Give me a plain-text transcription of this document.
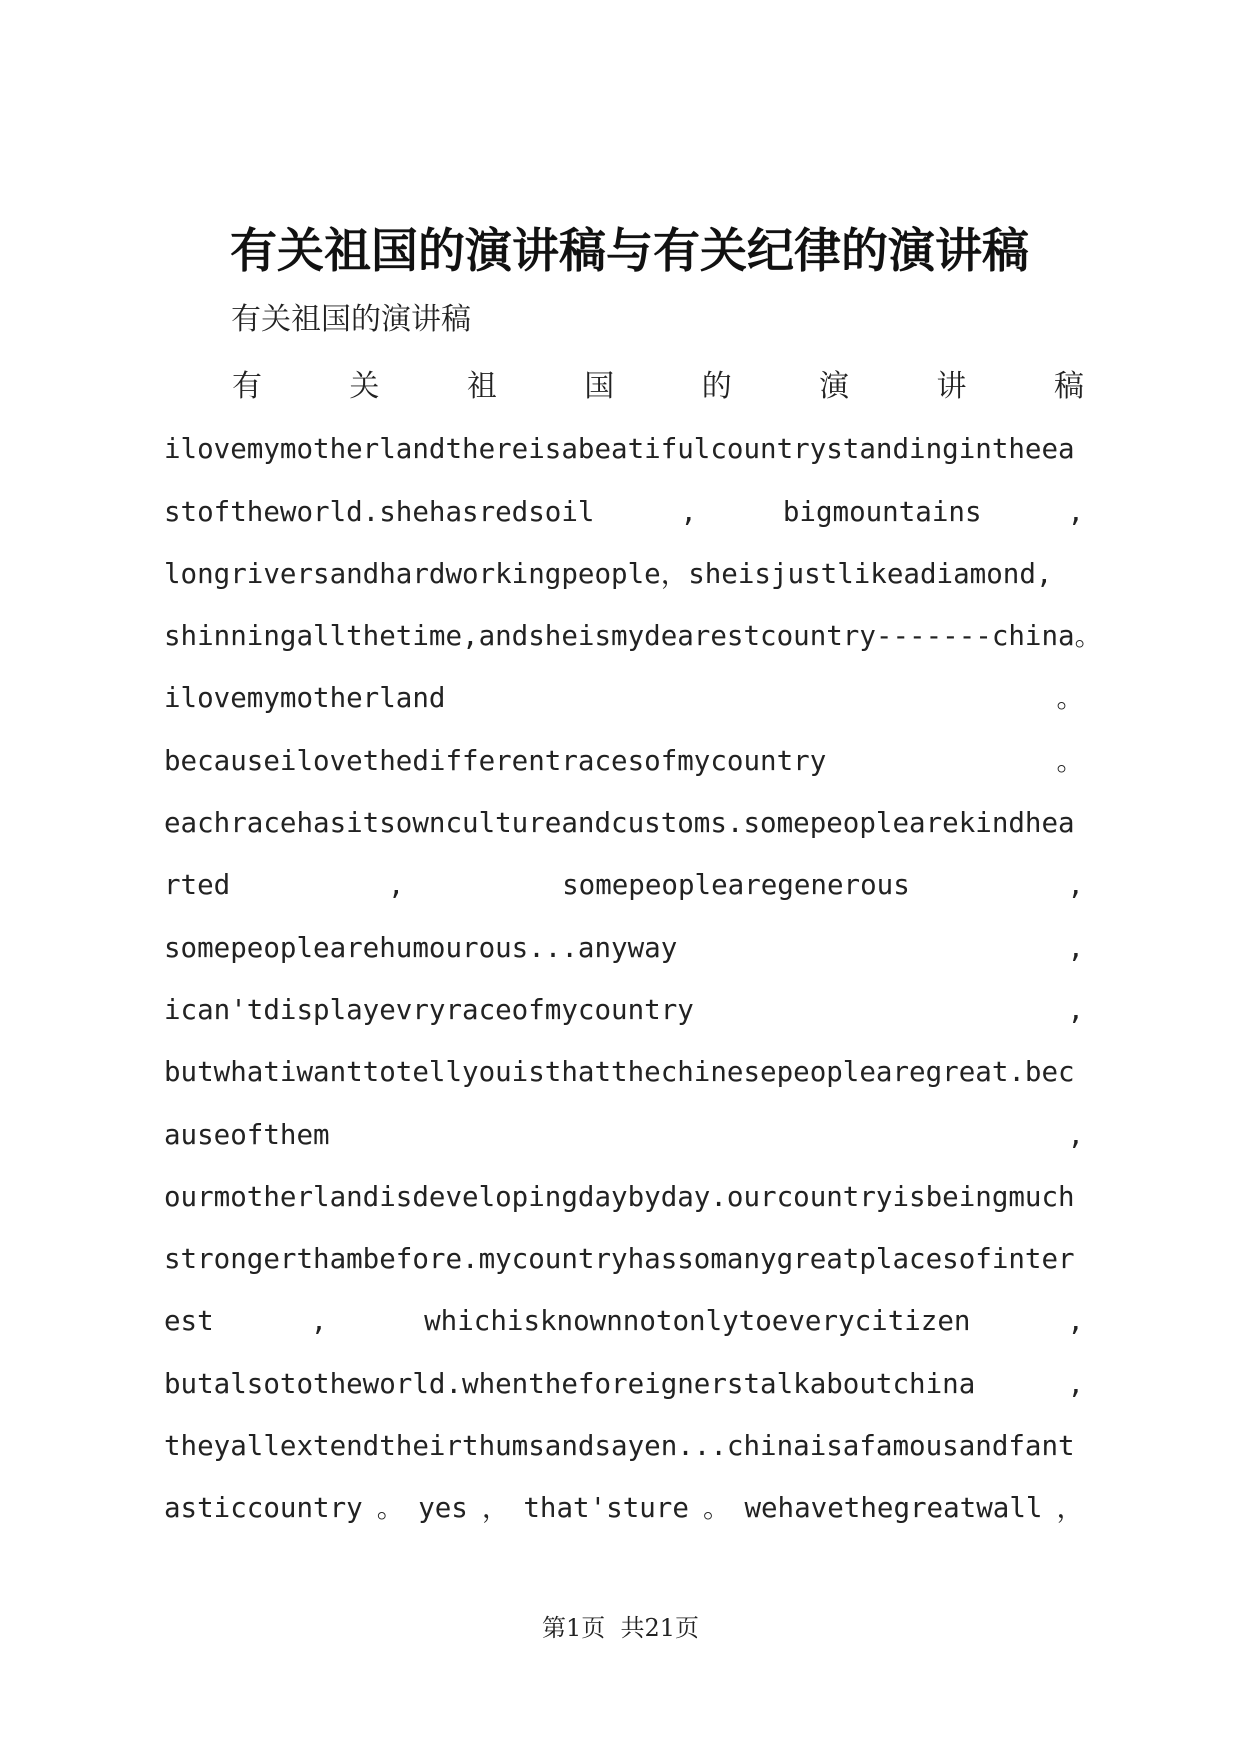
有关祖国的演讲稿与有关纪律的演讲稿
有关祖国的演讲稿
有	关	祖	国	的	演	讲	稿
ilovemymotherlandthereisabeatifulcountrystandingintheea
stoftheworld.shehasredsoil	,	bigmountains	,
longriversandhardworkingpeople，sheisjustlikeadiamond,
shinningallthetime,andsheismydearestcountry-------china。
ilovemymotherland	。
becauseilovethedifferentracesofmycountry	。
eachracehasitsowncultureandcustoms.somepeoplearekindhea
rted	,	somepeoplearegenerous	,
somepeoplearehumourous...anyway	,
ican'tdisplayevryraceofmycountry	,
butwhatiwanttotellyouisthatthechinesepeoplearegreat.bec
auseofthem	,
ourmotherlandisdevelopingdaybyday.ourcountryisbeingmuch
strongerthambefore.mycountryhassomanygreatplacesofinter
est	,	whichisknownnotonlytoeverycitizen	,
butalsototheworld.whentheforeignerstalkaboutchina	,
theyallextendtheirthumsandsayen...chinaisafamousandfant
asticcountry 。 yes ， that'sture 。 wehavethegreatwall ，
第1页  共21页
